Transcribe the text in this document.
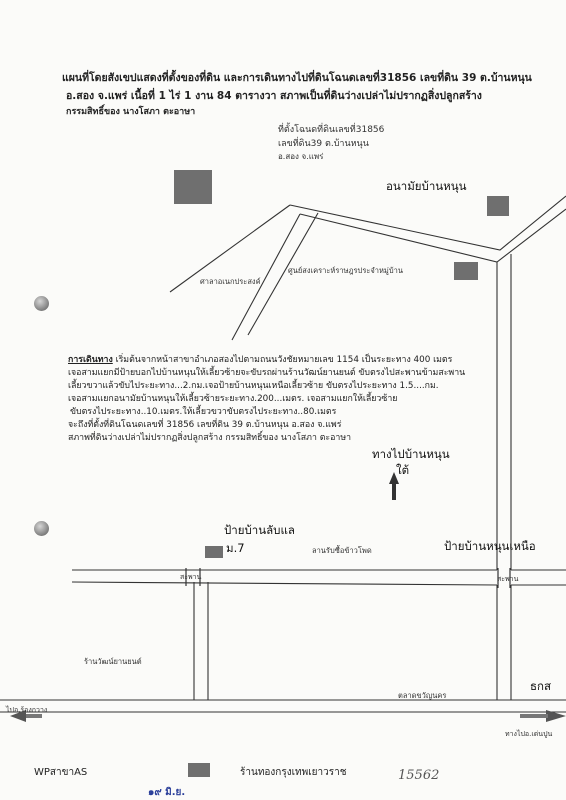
แผนที่โดยสังเขปแสดงที่ตั้งของที่ดิน และการเดินทางไปที่ดินโฉนดเลขที่31856 เลขที่ดิน 39 ต.บ้านหนุน
อ.สอง จ.แพร่ เนื้อที่ 1 ไร่ 1 งาน 84 ตารางวา สภาพเป็นที่ดินว่างเปล่าไม่ปรากฏสิ่งปลูกสร้าง
กรรมสิทธิ์ของ นางโสภา ตะอาษา
ที่ตั้งโฉนดที่ดินเลขที่31856
เลขที่ดิน39 ต.บ้านหนุน
อ.สอง จ.แพร่
อนามัยบ้านหนุน
ศาลาอเนกประสงค์
ศูนย์สงเคราะห์ราษฎรประจำหมู่บ้าน
การเดินทาง เริ่มต้นจากหน้าสาขาอำเภอสองไปตามถนนวังชัยหมายเลข 1154 เป็นระยะทาง 400 เมตร
เจอสามแยกมีป้ายบอกไปบ้านหนุนให้เลี้ยวซ้ายจะขับรถผ่านร้านวัฒน์ยานยนต์ ขับตรงไปสะพานข้ามสะพาน
เลี้ยวขวาแล้วขับไประยะทาง...2.กม.เจอป้ายบ้านหนุนเหนือเลี้ยวซ้าย ขับตรงไประยะทาง 1.5....กม.
เจอสามแยกอนามัยบ้านหนุนให้เลี้ยวซ้ายระยะทาง.200...เมตร. เจอสามแยกให้เลี้ยวซ้าย
ขับตรงไประยะทาง..10.เมตร.ให้เลี้ยวขวาขับตรงไประยะทาง..80.เมตร
จะถึงที่ตั้งที่ดินโฉนดเลขที่ 31856 เลขที่ดิน 39 ต.บ้านหนุน อ.สอง จ.แพร่
สภาพที่ดินว่างเปล่าไม่ปรากฏสิ่งปลูกสร้าง กรรมสิทธิ์ของ นางโสภา ตะอาษา
ทางไปบ้านหนุน
ใต้
ป้ายบ้านลับแล
ม.7	ลานรับซื้อข้าวโพด	ป้ายบ้านหนุนเหนือ
สะพาน	สะพาน
ร้านวัฒน์ยานยนต์
ตลาดขวัญนคร
ธกส
ไปอ.ร้องกวาง
ทางไปอ.เด่นปูน
WPสาขาAS	ร้านทองกรุงเทพเยาวราช
๑๙ มิ.ย.
15562
